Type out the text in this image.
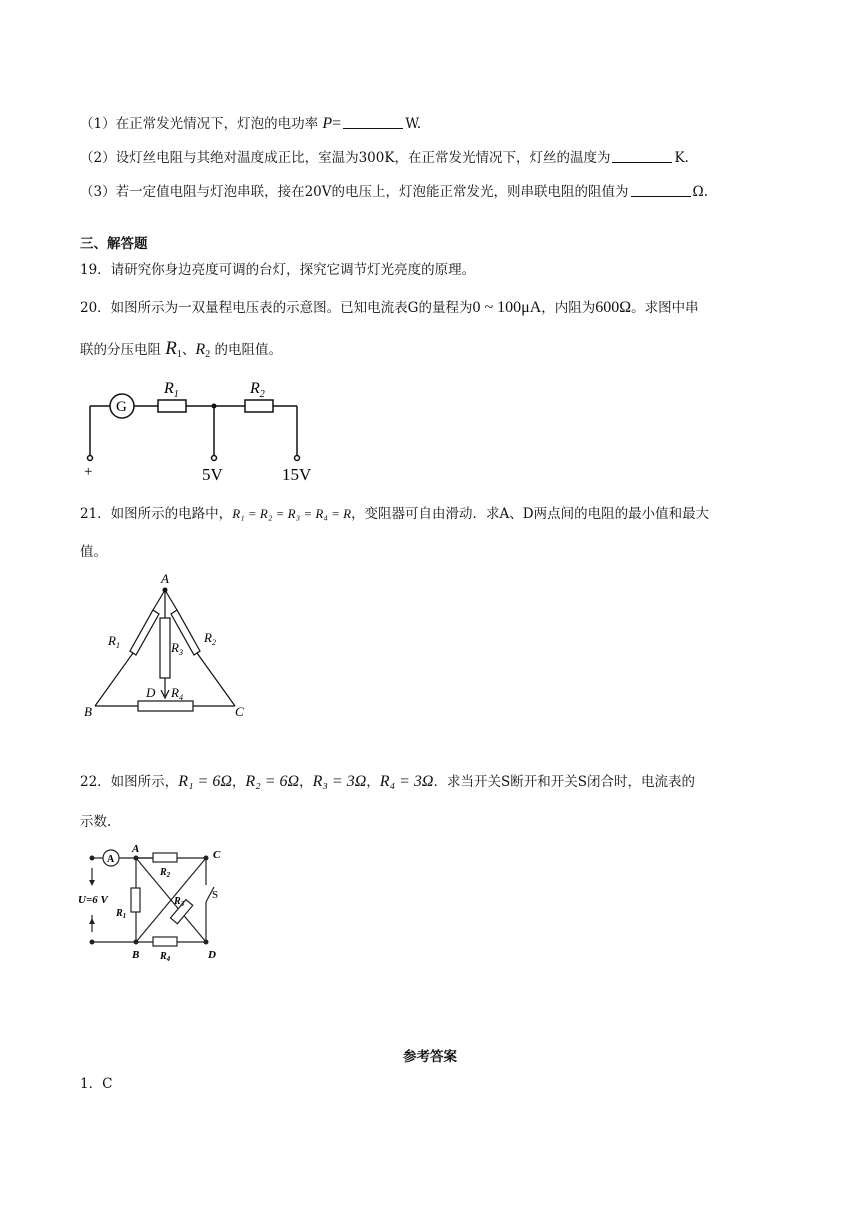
（1）在正常发光情况下，灯泡的电功率 P=	W.
（2）设灯丝电阻与其绝对温度成正比，室温为300K，在正常发光情况下，灯丝的温度为	K.
（3）若一定值电阻与灯泡串联，接在20V的电压上，灯泡能正常发光，则串联电阻的阻值为	Ω.
三、解答题
19．请研究你身边亮度可调的台灯，探究它调节灯光亮度的原理。
20．如图所示为一双量程电压表的示意图。已知电流表G的量程为0 ~ 100μA，内阻为600Ω。求图中串
联的分压电阻 $R_1$、$R_2$ 的电阻值。
G
$R_1$	$R_2$
+	5V	15V
21．如图所示的电路中，R₁ = R₂ = R₃ = R₄ = R，变阻器可自由滑动．求A、D两点间的电阻的最小值和最大
值。
A
$R_1$	$R_3$
$R_2$
D $R_4$
B	C
22．如图所示，R₁ = 6Ω，R₂ = 6Ω，R₃ = 3Ω，R₄ = 3Ω．求当开关S断开和开关S闭合时，电流表的
示数.
A
A	C
B	D
U=6 V	S
$R_2$
$R_1$
$R_3$
$R_4$
参考答案
1．C
